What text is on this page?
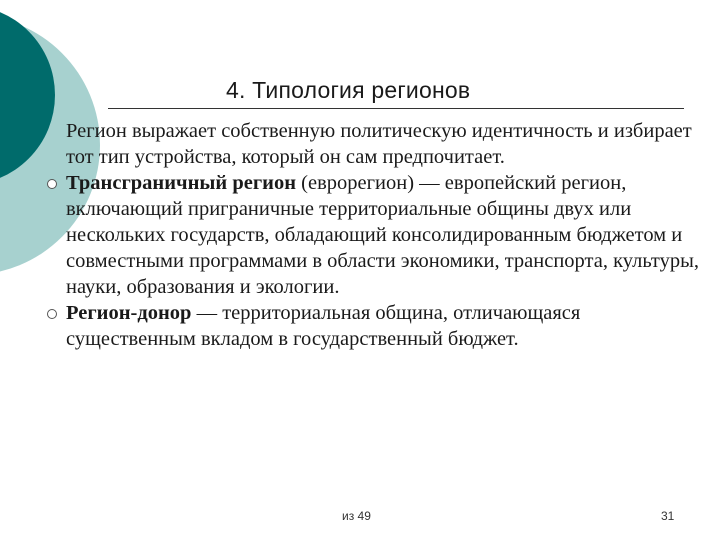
4. Типология регионов

Регион выражает собственную политическую идентичность и избирает тот тип устройства, который он сам предпочитает.

Трансграничный регион (еврорегион) — европейский регион, включающий приграничные территориальные общины двух или нескольких государств, обладающий консолидированным бюджетом и совместными программами в области экономики, транспорта, культуры, науки, образования и экологии.

Регион-донор — территориальная община, отличающаяся существенным вкладом в государственный бюджет.

из 49	31
